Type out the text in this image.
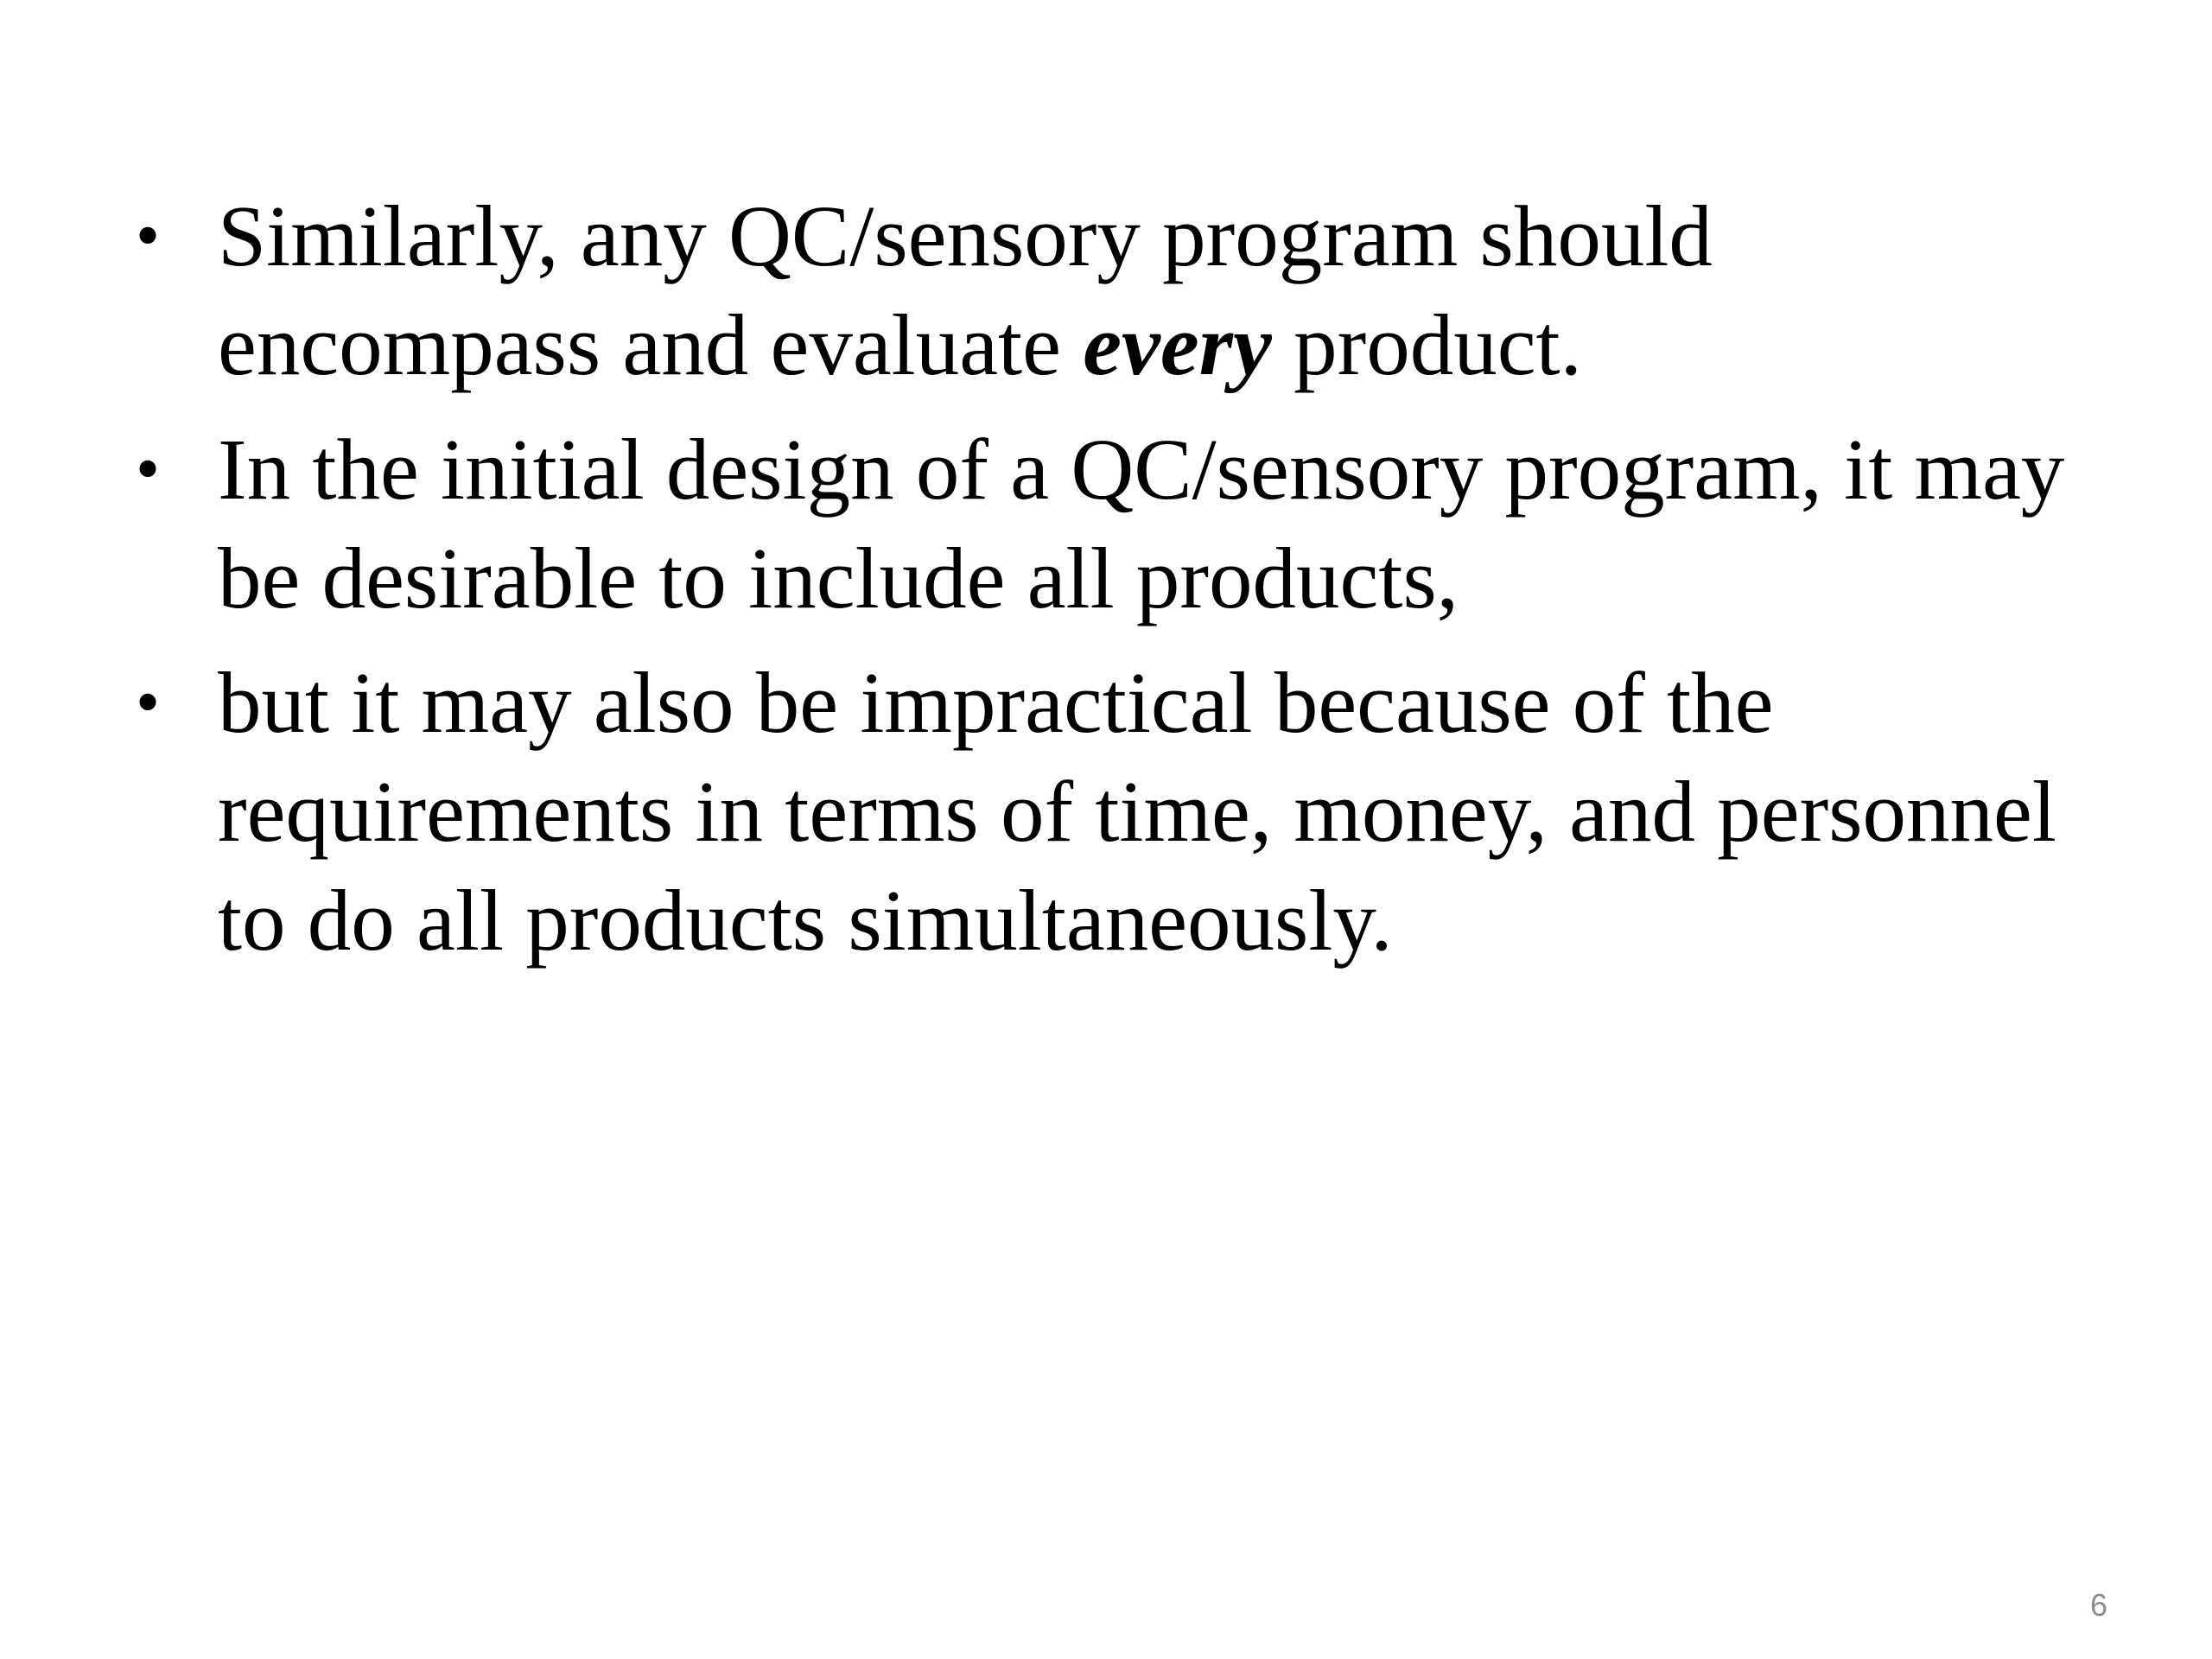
• Similarly, any QC/sensory program should encompass and evaluate every product.
• In the initial design of a QC/sensory program, it may be desirable to include all products,
• but it may also be impractical because of the requirements in terms of time, money, and personnel to do all products simultaneously.
6
